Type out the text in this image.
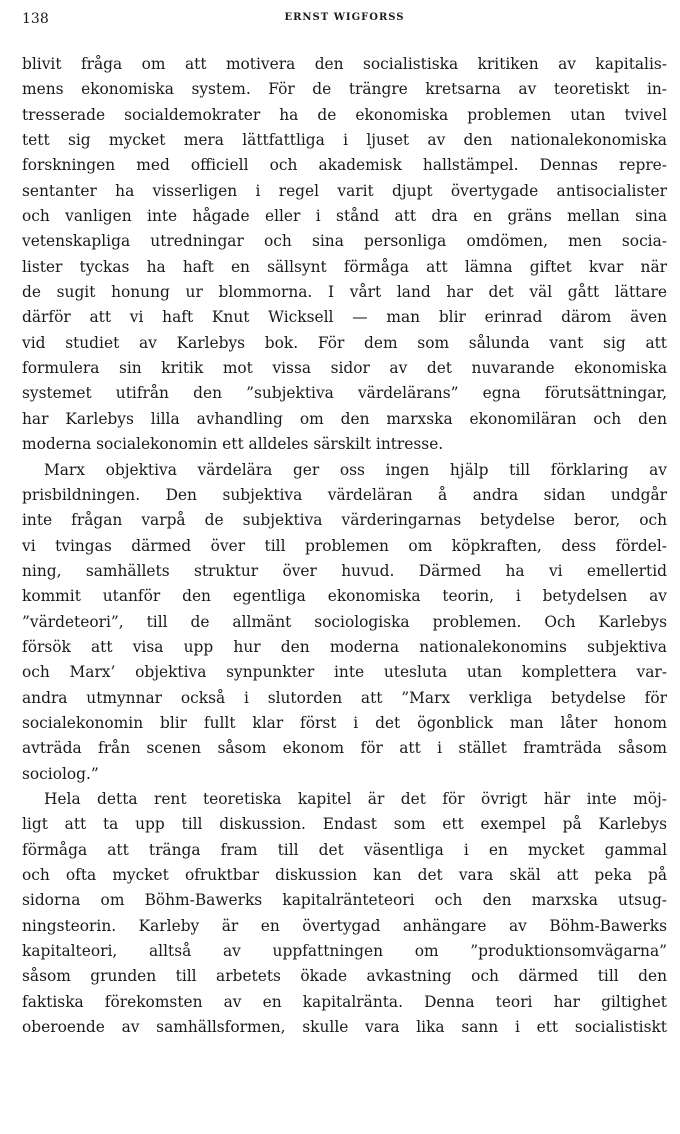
138	ERNST WIGFORSS
blivit fråga om att motivera den socialistiska kritiken av kapitalis-
mens ekonomiska system. För de trängre kretsarna av teoretiskt in-
tresserade socialdemokrater ha de ekonomiska problemen utan tvivel
tett sig mycket mera lättfattliga i ljuset av den nationalekonomiska
forskningen med officiell och akademisk hallstämpel. Dennas repre-
sentanter ha visserligen i regel varit djupt övertygade antisocialister
och vanligen inte hågade eller i stånd att dra en gräns mellan sina
vetenskapliga utredningar och sina personliga omdömen, men socia-
lister tyckas ha haft en sällsynt förmåga att lämna giftet kvar när
de sugit honung ur blommorna. I vårt land har det väl gått lättare
därför att vi haft Knut Wicksell — man blir erinrad därom även
vid studiet av Karlebys bok. För dem som sålunda vant sig att
formulera sin kritik mot vissa sidor av det nuvarande ekonomiska
systemet utifrån den ”subjektiva värdelärans” egna förutsättningar,
har Karlebys lilla avhandling om den marxska ekonomiläran och den
moderna socialekonomin ett alldeles särskilt intresse.
Marx objektiva värdelära ger oss ingen hjälp till förklaring av
prisbildningen. Den subjektiva värdeläran å andra sidan undgår
inte frågan varpå de subjektiva värderingarnas betydelse beror, och
vi tvingas därmed över till problemen om köpkraften, dess fördel-
ning, samhällets struktur över huvud. Därmed ha vi emellertid
kommit utanför den egentliga ekonomiska teorin, i betydelsen av
”värdeteori”, till de allmänt sociologiska problemen. Och Karlebys
försök att visa upp hur den moderna nationalekonomins subjektiva
och Marx’ objektiva synpunkter inte utesluta utan komplettera var-
andra utmynnar också i slutorden att ”Marx verkliga betydelse för
socialekonomin blir fullt klar först i det ögonblick man låter honom
avträda från scenen såsom ekonom för att i stället framträda såsom
sociolog.”
Hela detta rent teoretiska kapitel är det för övrigt här inte möj-
ligt att ta upp till diskussion. Endast som ett exempel på Karlebys
förmåga att tränga fram till det väsentliga i en mycket gammal
och ofta mycket ofruktbar diskussion kan det vara skäl att peka på
sidorna om Böhm-Bawerks kapitalränteteori och den marxska utsug-
ningsteorin. Karleby är en övertygad anhängare av Böhm-Bawerks
kapitalteori, alltså av uppfattningen om ”produktionsomvägarna”
såsom grunden till arbetets ökade avkastning och därmed till den
faktiska förekomsten av en kapitalränta. Denna teori har giltighet
oberoende av samhällsformen, skulle vara lika sann i ett socialistiskt
